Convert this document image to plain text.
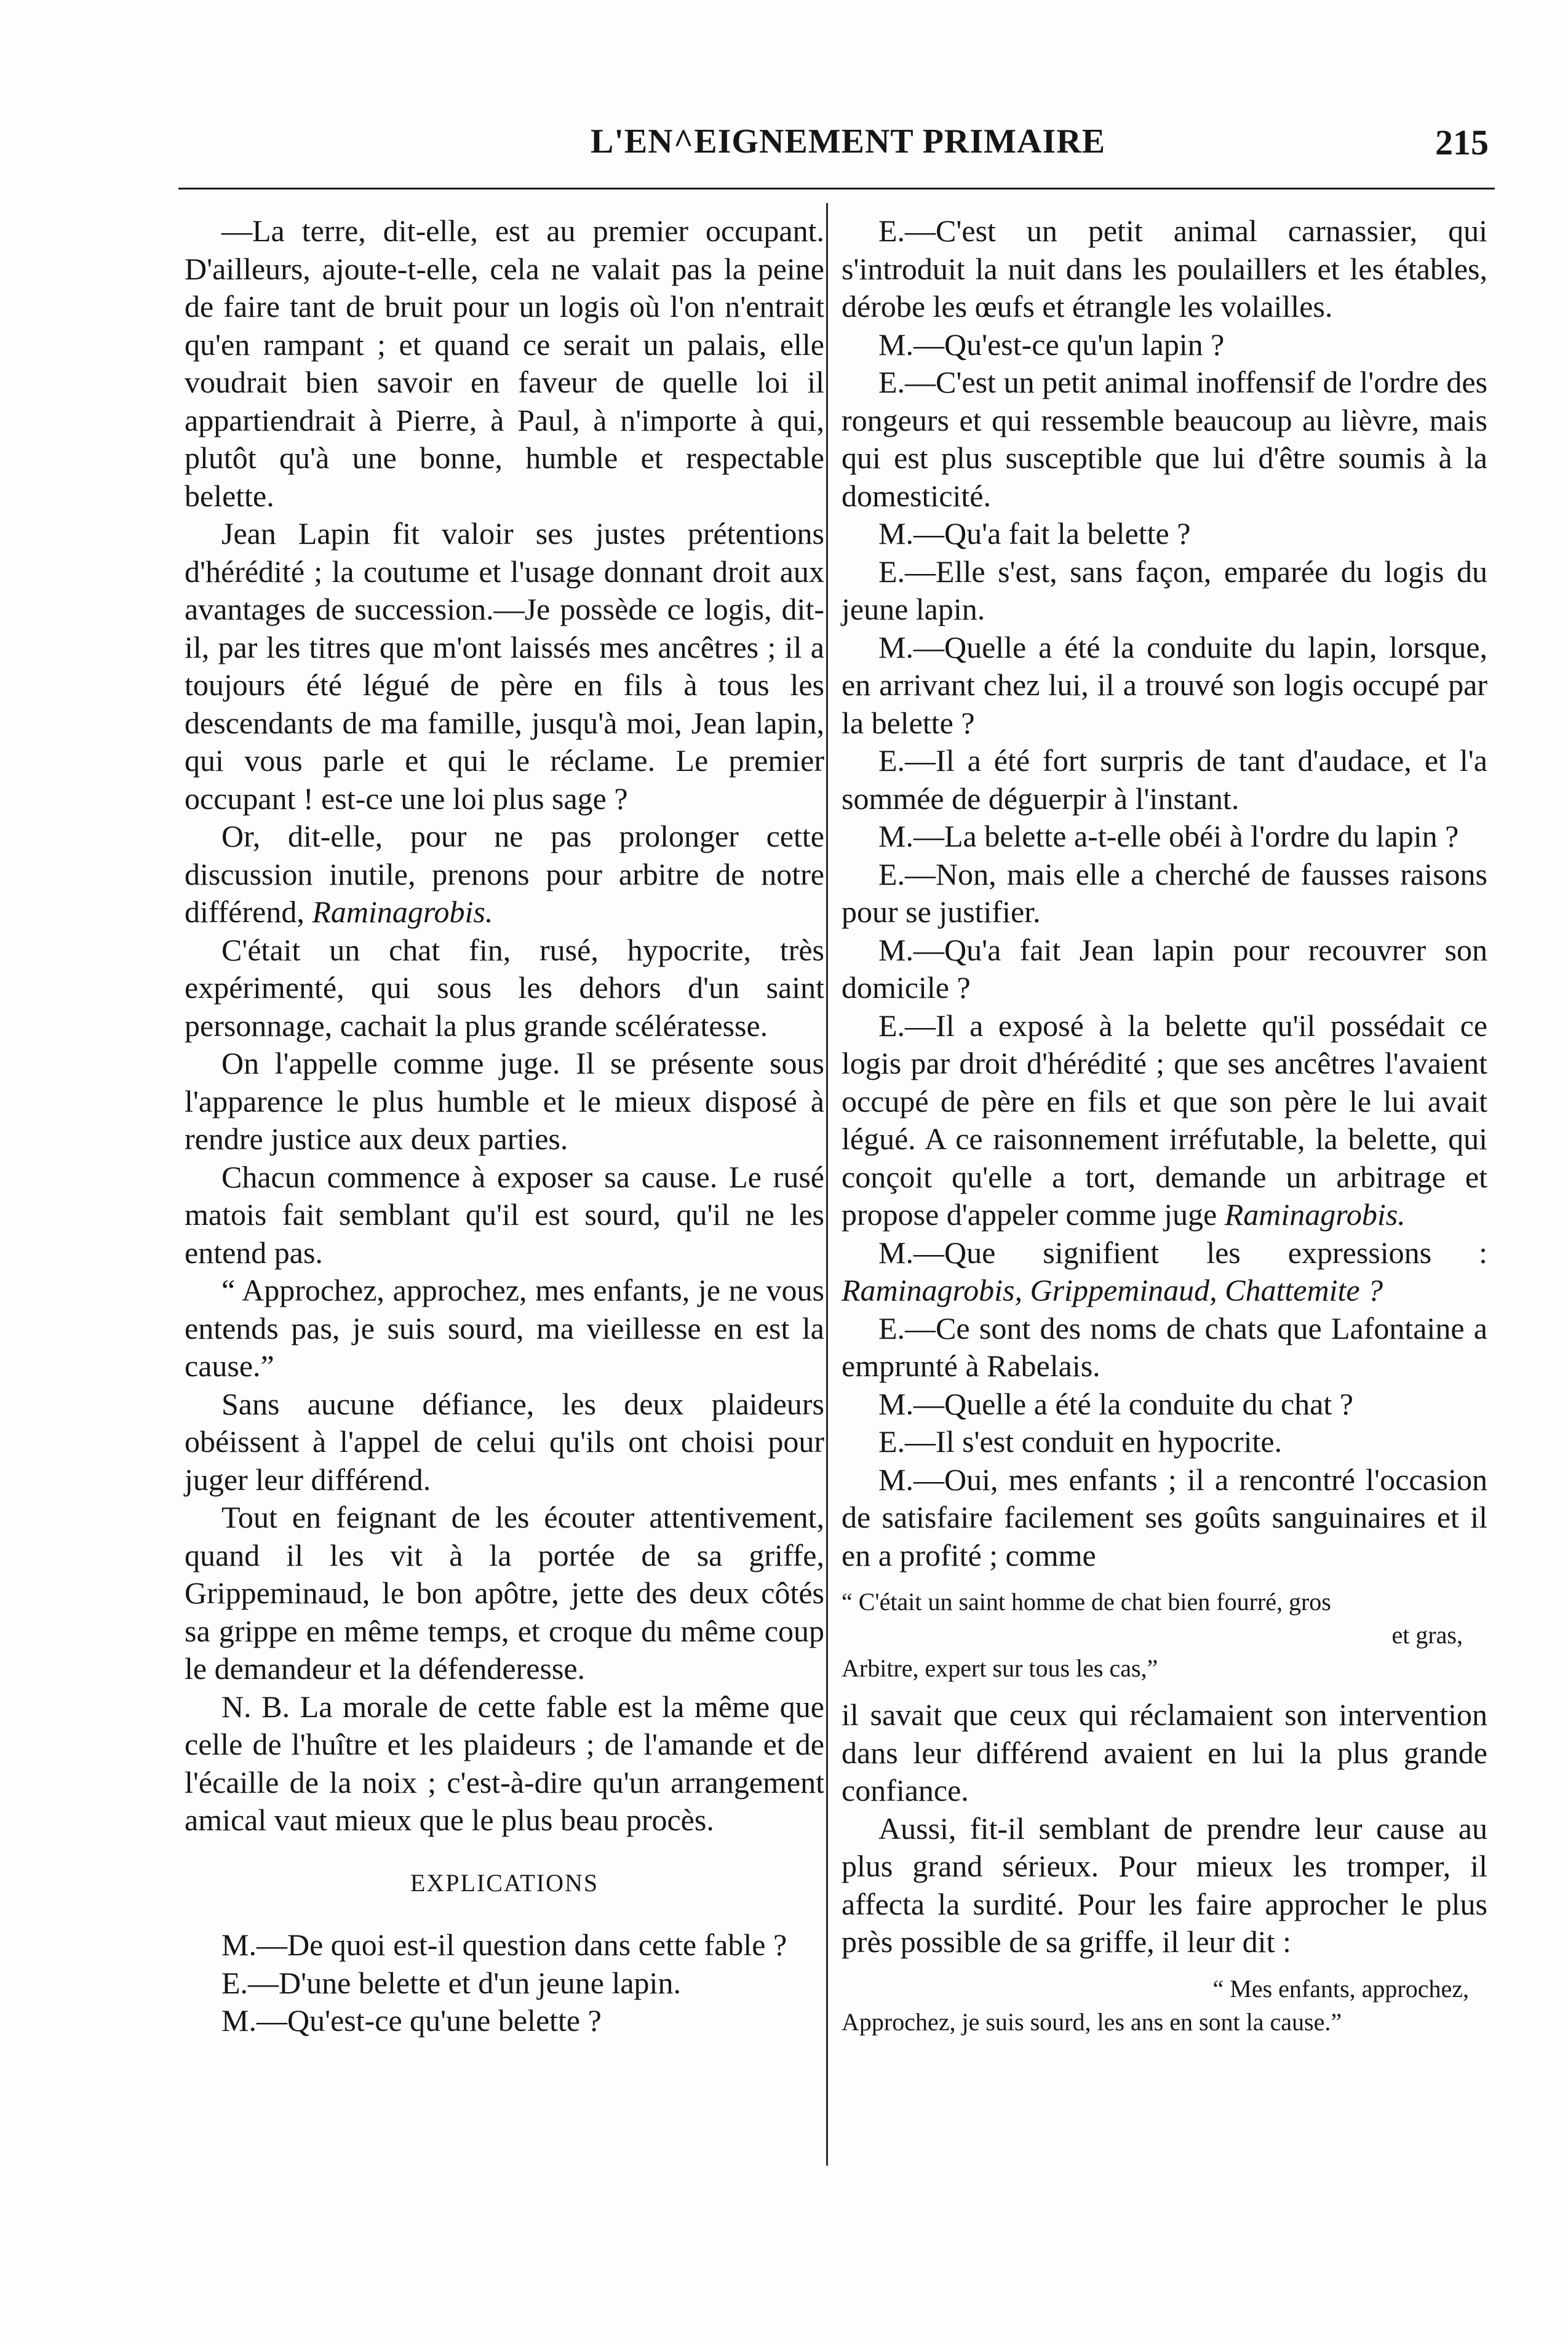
L'EN^EIGNEMENT PRIMAIRE	215

—La terre, dit-elle, est au premier occupant. D'ailleurs, ajoute-t-elle, cela ne valait pas la peine de faire tant de bruit pour un logis où l'on n'entrait qu'en rampant ; et quand ce serait un palais, elle voudrait bien savoir en faveur de quelle loi il appartiendrait à Pierre, à Paul, à n'importe à qui, plutôt qu'à une bonne, humble et respectable belette.

Jean Lapin fit valoir ses justes prétentions d'hérédité ; la coutume et l'usage donnant droit aux avantages de succession.—Je possède ce logis, dit-il, par les titres que m'ont laissés mes ancêtres ; il a toujours été légué de père en fils à tous les descendants de ma famille, jusqu'à moi, Jean lapin, qui vous parle et qui le réclame. Le premier occupant ! est-ce une loi plus sage ?

Or, dit-elle, pour ne pas prolonger cette discussion inutile, prenons pour arbitre de notre différend, Raminagrobis.

C'était un chat fin, rusé, hypocrite, très expérimenté, qui sous les dehors d'un saint personnage, cachait la plus grande scélératesse.

On l'appelle comme juge. Il se présente sous l'apparence le plus humble et le mieux disposé à rendre justice aux deux parties.

Chacun commence à exposer sa cause. Le rusé matois fait semblant qu'il est sourd, qu'il ne les entend pas.

“ Approchez, approchez, mes enfants, je ne vous entends pas, je suis sourd, ma vieillesse en est la cause.”

Sans aucune défiance, les deux plaideurs obéissent à l'appel de celui qu'ils ont choisi pour juger leur différend.

Tout en feignant de les écouter attentivement, quand il les vit à la portée de sa griffe, Grippeminaud, le bon apôtre, jette des deux côtés sa grippe en même temps, et croque du même coup le demandeur et la défenderesse.

N. B. La morale de cette fable est la même que celle de l'huître et les plaideurs ; de l'amande et de l'écaille de la noix ; c'est-à-dire qu'un arrangement amical vaut mieux que le plus beau procès.

EXPLICATIONS

M.—De quoi est-il question dans cette fable ?

E.—D'une belette et d'un jeune lapin.

M.—Qu'est-ce qu'une belette ?

E.—C'est un petit animal carnassier, qui s'introduit la nuit dans les poulaillers et les étables, dérobe les œufs et étrangle les volailles.

M.—Qu'est-ce qu'un lapin ?

E.—C'est un petit animal inoffensif de l'ordre des rongeurs et qui ressemble beaucoup au lièvre, mais qui est plus susceptible que lui d'être soumis à la domesticité.

M.—Qu'a fait la belette ?

E.—Elle s'est, sans façon, emparée du logis du jeune lapin.

M.—Quelle a été la conduite du lapin, lorsque, en arrivant chez lui, il a trouvé son logis occupé par la belette ?

E.—Il a été fort surpris de tant d'audace, et l'a sommée de déguerpir à l'instant.

M.—La belette a-t-elle obéi à l'ordre du lapin ?

E.—Non, mais elle a cherché de fausses raisons pour se justifier.

M.—Qu'a fait Jean lapin pour recouvrer son domicile ?

E.—Il a exposé à la belette qu'il possédait ce logis par droit d'hérédité ; que ses ancêtres l'avaient occupé de père en fils et que son père le lui avait légué. A ce raisonnement irréfutable, la belette, qui conçoit qu'elle a tort, demande un arbitrage et propose d'appeler comme juge Raminagrobis.

M.—Que signifient les expressions : Raminagrobis, Grippeminaud, Chattemite ?

E.—Ce sont des noms de chats que Lafontaine a emprunté à Rabelais.

M.—Quelle a été la conduite du chat ?

E.—Il s'est conduit en hypocrite.

M.—Oui, mes enfants ; il a rencontré l'occasion de satisfaire facilement ses goûts sanguinaires et il en a profité ; comme

“ C'était un saint homme de chat bien fourré, gros
et gras,
Arbitre, expert sur tous les cas,”

il savait que ceux qui réclamaient son intervention dans leur différend avaient en lui la plus grande confiance.

Aussi, fit-il semblant de prendre leur cause au plus grand sérieux. Pour mieux les tromper, il affecta la surdité. Pour les faire approcher le plus près possible de sa griffe, il leur dit :

“ Mes enfants, approchez,
Approchez, je suis sourd, les ans en sont la cause.”
